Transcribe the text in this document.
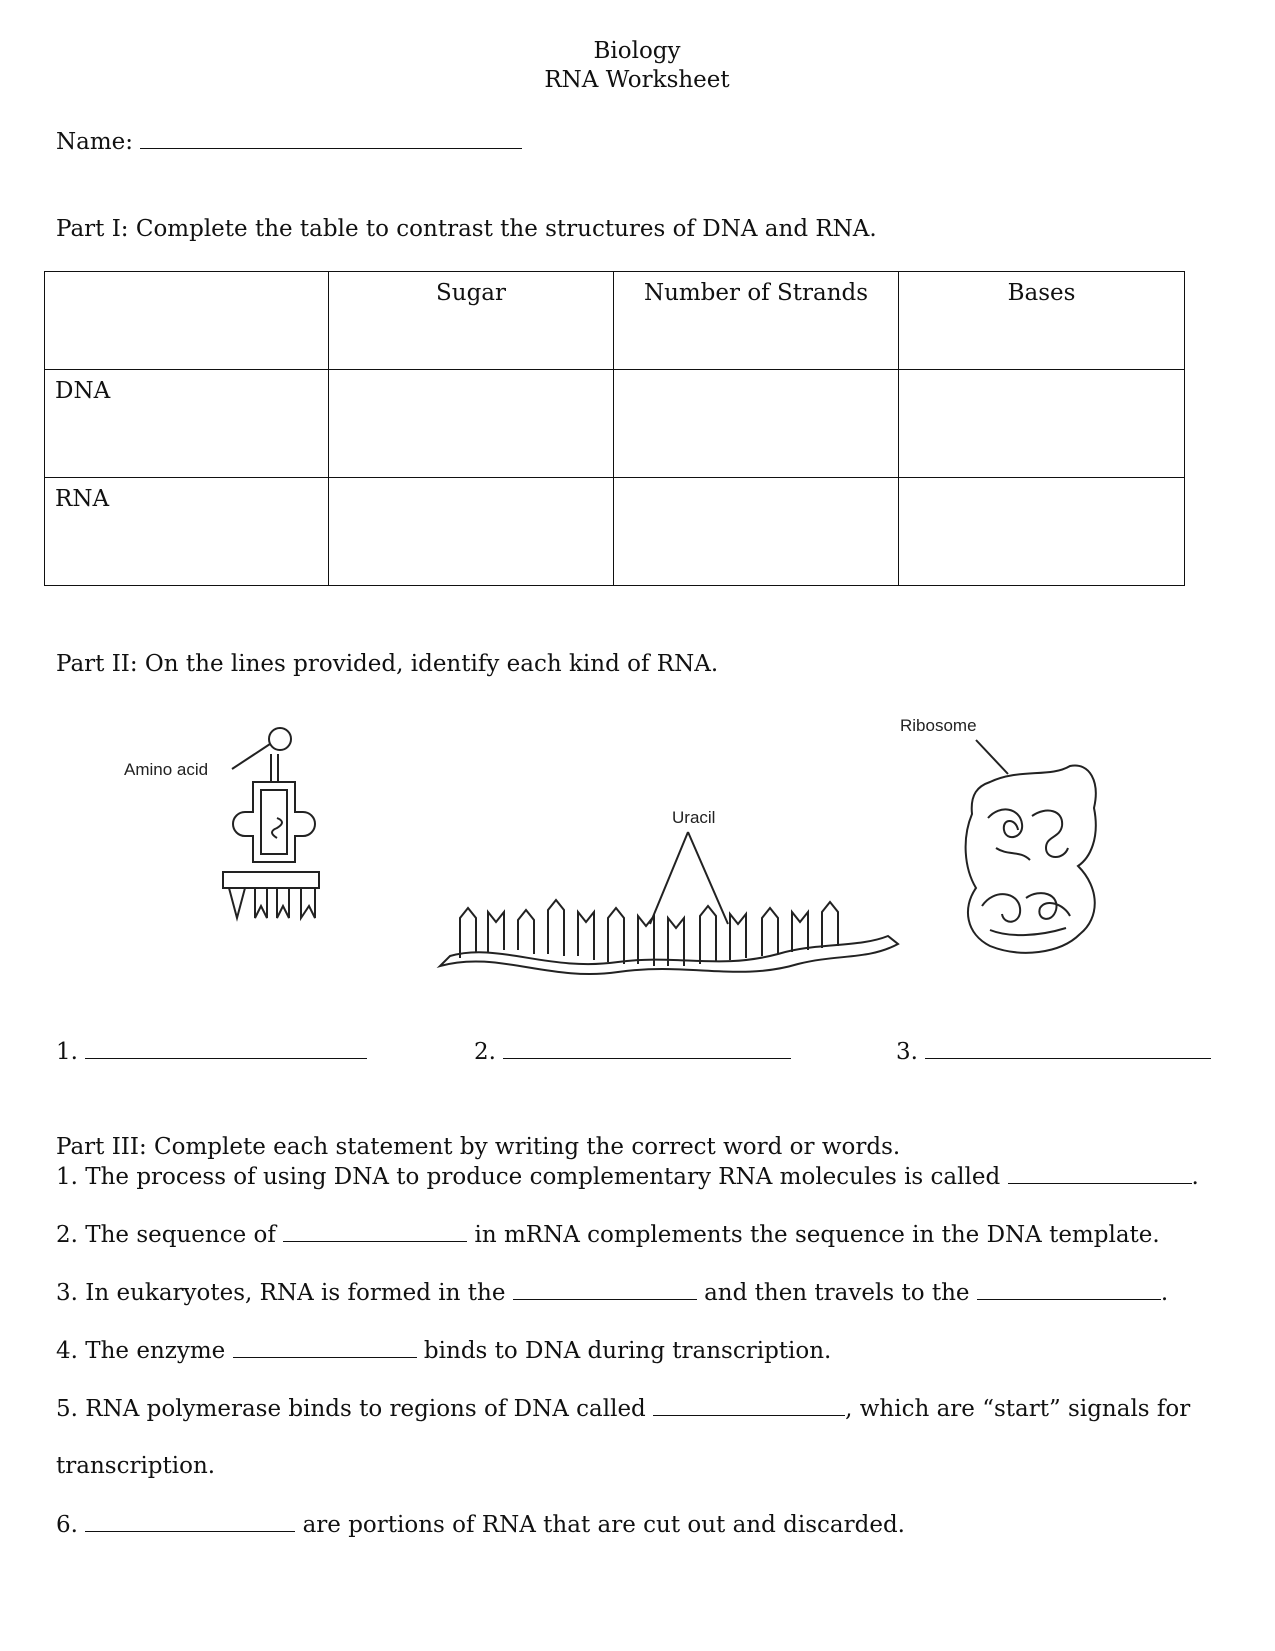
Biology
RNA Worksheet
Name:
Part I: Complete the table to contrast the structures of DNA and RNA.
	Sugar	Number of Strands	Bases
DNA			
RNA			
Part II: On the lines provided, identify each kind of RNA.
Amino acid
Uracil
Ribosome
1.	2.	3.
Part III: Complete each statement by writing the correct word or words.
1. The process of using DNA to produce complementary RNA molecules is called	.
2. The sequence of	in mRNA complements the sequence in the DNA template.
3. In eukaryotes, RNA is formed in the	and then travels to the	.
4. The enzyme	binds to DNA during transcription.
5. RNA polymerase binds to regions of DNA called	, which are “start” signals for
transcription.
6.	are portions of RNA that are cut out and discarded.
